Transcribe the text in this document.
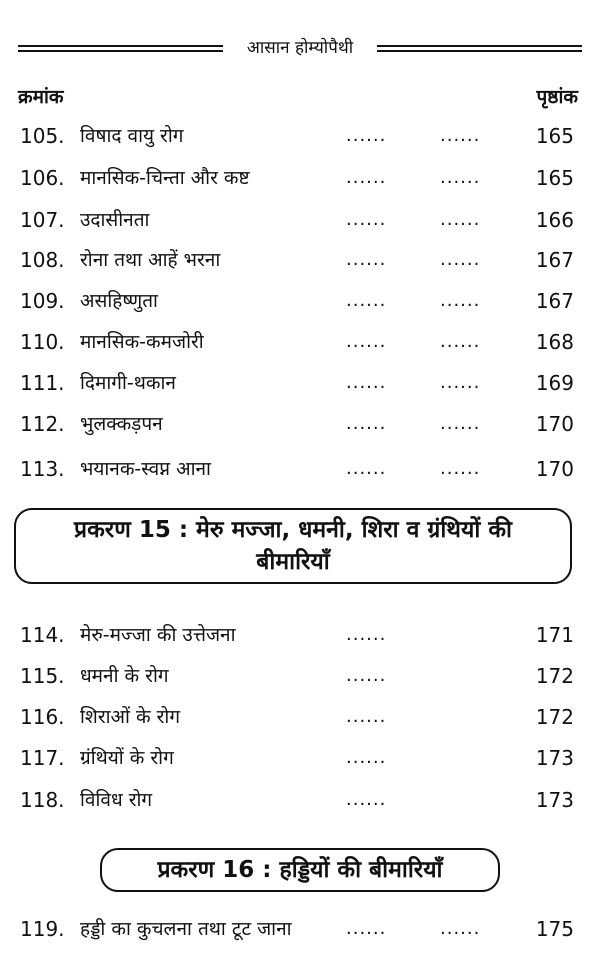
आसान होम्योपैथी
क्रमांक	पृष्ठांक
105. विषाद वायु रोग	......	......	165
106. मानसिक-चिन्ता और कष्ट	......	......	165
107. उदासीनता	......	......	166
108. रोना तथा आहें भरना	......	......	167
109. असहिष्णुता	......	......	167
110. मानसिक-कमजोरी	......	......	168
111. दिमागी-थकान	......	......	169
112. भुलक्कड़पन	......	......	170
113. भयानक-स्वप्न आना	......	......	170
प्रकरण 15 : मेरु मज्जा, धमनी, शिरा व ग्रंथियों की
बीमारियाँ
114. मेरु-मज्जा की उत्तेजना	......	171
115. धमनी के रोग	......	172
116. शिराओं के रोग	......	172
117. ग्रंथियों के रोग	......	173
118. विविध रोग	......	173
प्रकरण 16 : हड्डियों की बीमारियाँ
119. हड्डी का कुचलना तथा टूट जाना	......	......	175
